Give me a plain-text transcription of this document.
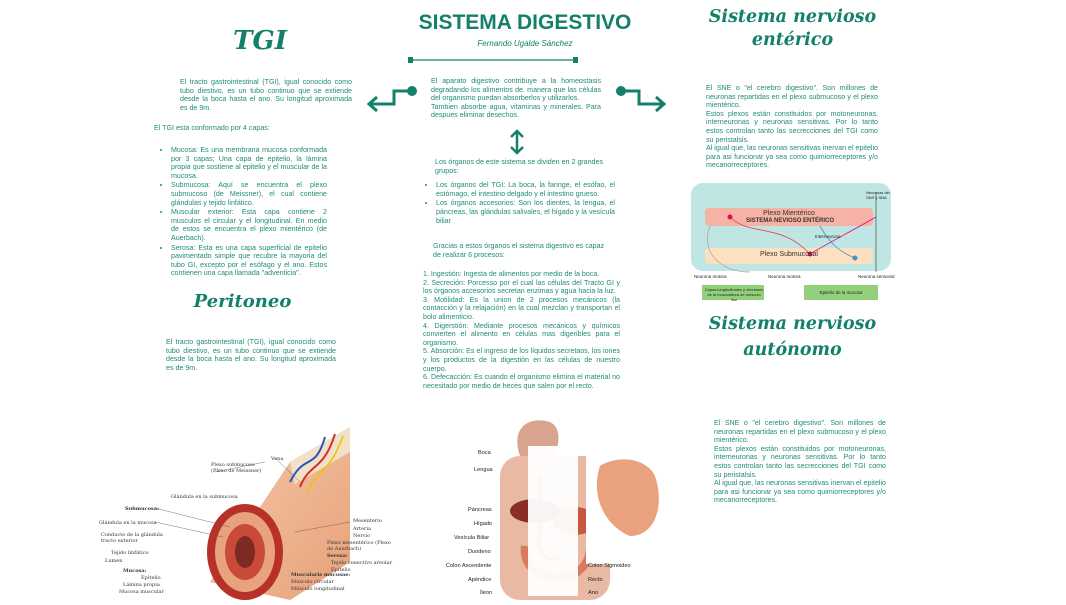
SISTEMA DIGESTIVO
Fernando Ugalde Sánchez

El aparato digestivo contribuye a la homeostasis degradando los alimentos de. manera que las células del organismo puedan absorberlos y utilizarlos.

Tambien absorbe agua, vitaminas y minerales. Para despues eliminar desechos.

Los órganos de este sistema se dividen en 2 grandes grupos:

• Los órganos del TGI: La boca, la faringe, el esófao, el estómago, el intestino delgado y el intestino grueso.
• Los órganos accesorios: Son los dientes, la lengua, el páncreas, las glándulas salivales, el hígado y la vesícula biliar
Gracias a estos órganos el sistema digestivo es capaz de realizar 6 procesos:
1. Ingestión: Ingesta de alimentos por medio de la boca.
2. Secreción: Porcesso por el cual las células del Tracto GI y los órganos accesorios secretan enzimas y agua hacia la luz.
3. Motilidad: Es la union de 2 procesos mecánicos (la contacción y la relajación) en la cual mezclan y transportan el bolo alimenticio.
4. Digerstión: Mediante procesos mecánicos y químicos convierten el alimento en células mas digeribles para el organismo.
5. Absorción: Es el ingreso de los líquidos secretaos, los iones y los productos de la digestión en las células de nuestro cuerpo.
6. Defecacción: Es cuando el organismo elimina el material no necesitado por medio de heces que salen por el recto.
TGI
El tracto gastrointestinal (TGI), igual conocido como tubo diestivo, es un tubo continuo que se extiende desde la boca hasta el ano. Su longitud aproximada es de 9m.
El TGI esta conformado por 4 capas:
• Mucosa: Es una membrana mucosa conformada por 3 capas; Una capa de epitelio, la lámina propia que sostiene al epitelio y el muscular de la mucosa.
• Submucosa: Aquí se encuentra el plexo submucoso (de Meissner), el cual contiene glándulas y tejido linfático.
• Muscular exterior: Esta capa contiene 2 musculos el circular y el longitudinal. En medio de estos se encuentra el plexo mientérico (de Auerbach).
• Serosa: Esta es una capa superficial de epitelio pavimentado simple que recubre la mayoria del tubo GI, excepto por el esófago y el ano. Estos contienen una capa llamada "adventicia".
Peritoneo
El tracto gastrointestinal (TGI), igual conocido como tubo diestivo, es un tubo continuo que se extiende desde la boca hasta el ano. Su longitud aproximada es de 9m.
Sistema nervioso
entérico

El SNE o "el cerebro digestivo". Son millones de neuronas repartidas en el plexo submucoso y el plexo mientérico.

Estos plexos están constituidos por motoneuronas, interneuronas y neuronas sensitivas. Por lo tanto estos controlan tanto las secrecciones del TGI como su peristalsis.

Al igual que, las neuronas sensitivas inervan el epitelio para asi funcionar ya sea como quimiorreceptores y/o mecanorreceptores.

SISTEMA NEVIOSO ENTÉRICO
Plexo Mientérico
Plexo Submucosal
Interneurona
Neurona motora	Neurona motora	Neurona sensorial
Neuronas del SNS y SNA
Capas longitudinales y circulares de la musculatura de músculo liso
Epitelio de la mucosa
Sistema nervioso
autónomo

El SNE o "el cerebro digestivo". Son millones de neuronas repartidas en el plexo submucoso y el plexo mientérico.

Estos plexos están constituidos por motoneuronas, interneuronas y neuronas sensitivas. Por lo tanto estos controlan tanto las secrecciones del TGI como su peristalsis.

Al igual que, las neuronas sensitivas inervan el epitelio para asi funcionar ya sea como quimiorreceptores y/o mecanorreceptores.

Plexo submucoso (Plexo de Meissner)
Vena
Glándula en la submucosa
Submucosa:
Glándula en la mucosa
Conducto de la glándula tracto exterior
Tejido linfático
Lumen
Mucosa:
Epitelio
Lámina propia
Mucosa muscular
Mesenterio
Arteria
Nervio
Plexo mesentérico (Plexo de Auerbach)
Serosa:
Tejido conectivo areolar
Epitelio
Muscularis mucosae:
Músculo circular
Músculo longitudinal
Boca
Lengua
Páncreas
Hígado
Vesícula Biliar
Duodeno
Colon Ascendente
Apéndice
Íleon
Colon Sigmoideo
Recto
Ano
